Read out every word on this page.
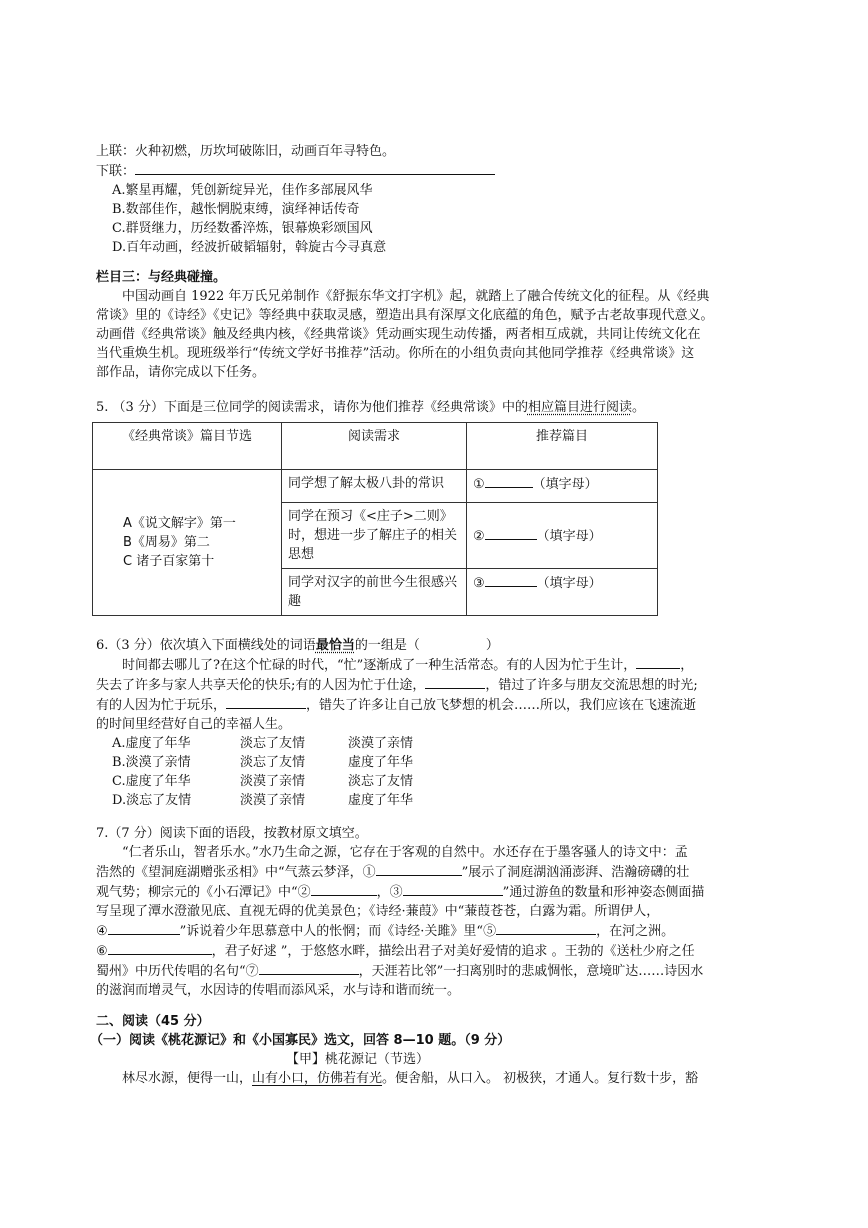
上联：火种初燃，历坎坷破陈旧，动画百年寻特色。
下联：
A.繁星再耀，凭创新绽异光，佳作多部展风华
B.数部佳作，越怅惘脱束缚，演绎神话传奇
C.群贤继力，历经数番淬炼，银幕焕彩颂国风
D.百年动画，经波折破韬辐射，斡旋古今寻真意
栏目三：与经典碰撞。
中国动画自 1922 年万氏兄弟制作《舒振东华文打字机》起，就踏上了融合传统文化的征程。从《经典
常谈》里的《诗经》《史记》等经典中获取灵感，塑造出具有深厚文化底蕴的角色，赋予古老故事现代意义。
动画借《经典常谈》触及经典内核，《经典常谈》凭动画实现生动传播，两者相互成就，共同让传统文化在
当代重焕生机。现班级举行“传统文学好书推荐”活动。你所在的小组负责向其他同学推荐《经典常谈》这
部作品，请你完成以下任务。
5. （3 分）下面是三位同学的阅读需求，请你为他们推荐《经典常谈》中的相应篇目进行阅读。
《经典常谈》篇目节选	阅读需求	推荐篇目

A《说文解字》第一
B《周易》第二
C 诸子百家第十	同学想了解太极八卦的常识	① （填字母）
	同学在预习《<庄子>二则》时，想进一步了解庄子的相关思想	② （填字母）
	同学对汉字的前世今生很感兴趣	③ （填字母）
6.（3 分）依次填入下面横线处的词语最恰当的一组是（	）
时间都去哪儿了?在这个忙碌的时代，“忙”逐渐成了一种生活常态。有的人因为忙于生计，	，
失去了许多与家人共享天伦的快乐;有的人因为忙于仕途，	，错过了许多与朋友交流思想的时光;
有的人因为忙于玩乐，	，错失了许多让自己放飞梦想的机会……所以，我们应该在飞速流逝
的时间里经营好自己的幸福人生。
A.虚度了年华	淡忘了友情	淡漠了亲情
B.淡漠了亲情	淡忘了友情	虚度了年华
C.虚度了年华	淡漠了亲情	淡忘了友情
D.淡忘了友情	淡漠了亲情	虚度了年华
7.（7 分）阅读下面的语段，按教材原文填空。
“仁者乐山，智者乐水。”水乃生命之源，它存在于客观的自然中。水还存在于墨客骚人的诗文中：孟
浩然的《望洞庭湖赠张丞相》中“气蒸云梦泽，①	”展示了洞庭湖汹涌澎湃、浩瀚磅礴的壮
观气势；柳宗元的《小石潭记》中“②	，③	”通过游鱼的数量和形神姿态侧面描
写呈现了潭水澄澈见底、直视无碍的优美景色；《诗经·蒹葭》中“蒹葭苍苍，白露为霜。所谓伊人，
④	”诉说着少年思慕意中人的怅惘；而《诗经·关雎》里“⑤	，在河之洲。
⑥	，君子好逑 ”，于悠悠水畔，描绘出君子对美好爱情的追求 。王勃的《送杜少府之任
蜀州》中历代传唱的名句“⑦	，天涯若比邻”一扫离别时的悲戚惆怅，意境旷达……诗因水
的滋润而增灵气，水因诗的传唱而添风采，水与诗和谐而统一。
二、阅读（45 分）
（一）阅读《桃花源记》和《小国寡民》选文，回答 8—10 题。（9 分）
【甲】桃花源记（节选）
林尽水源，便得一山，山有小口，仿佛若有光。便舍船，从口入。 初极狭，才通人。复行数十步，豁
